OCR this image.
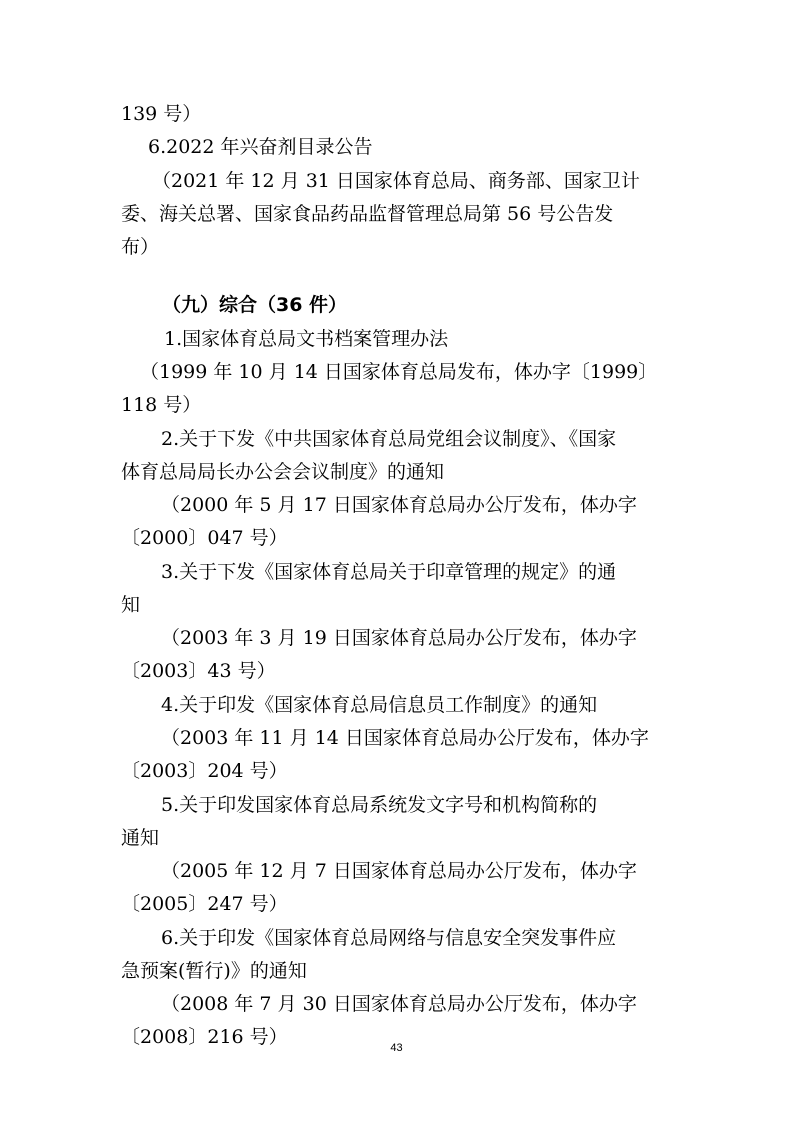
139 号）
6.2022 年兴奋剂目录公告
（2021 年 12 月 31 日国家体育总局、商务部、国家卫计
委、海关总署、国家食品药品监督管理总局第 56 号公告发
布）
（九）综合（36 件）
1.国家体育总局文书档案管理办法
（1999 年 10 月 14 日国家体育总局发布，体办字〔1999〕
118 号）
2.关于下发《中共国家体育总局党组会议制度》、《国家
体育总局局长办公会会议制度》的通知
（2000 年 5 月 17 日国家体育总局办公厅发布，体办字
〔2000〕047 号）
3.关于下发《国家体育总局关于印章管理的规定》的通
知
（2003 年 3 月 19 日国家体育总局办公厅发布，体办字
〔2003〕43 号）
4.关于印发《国家体育总局信息员工作制度》的通知
（2003 年 11 月 14 日国家体育总局办公厅发布，体办字
〔2003〕204 号）
5.关于印发国家体育总局系统发文字号和机构简称的
通知
（2005 年 12 月 7 日国家体育总局办公厅发布，体办字
〔2005〕247 号）
6.关于印发《国家体育总局网络与信息安全突发事件应
急预案(暂行)》的通知
（2008 年 7 月 30 日国家体育总局办公厅发布，体办字
〔2008〕216 号）	43
